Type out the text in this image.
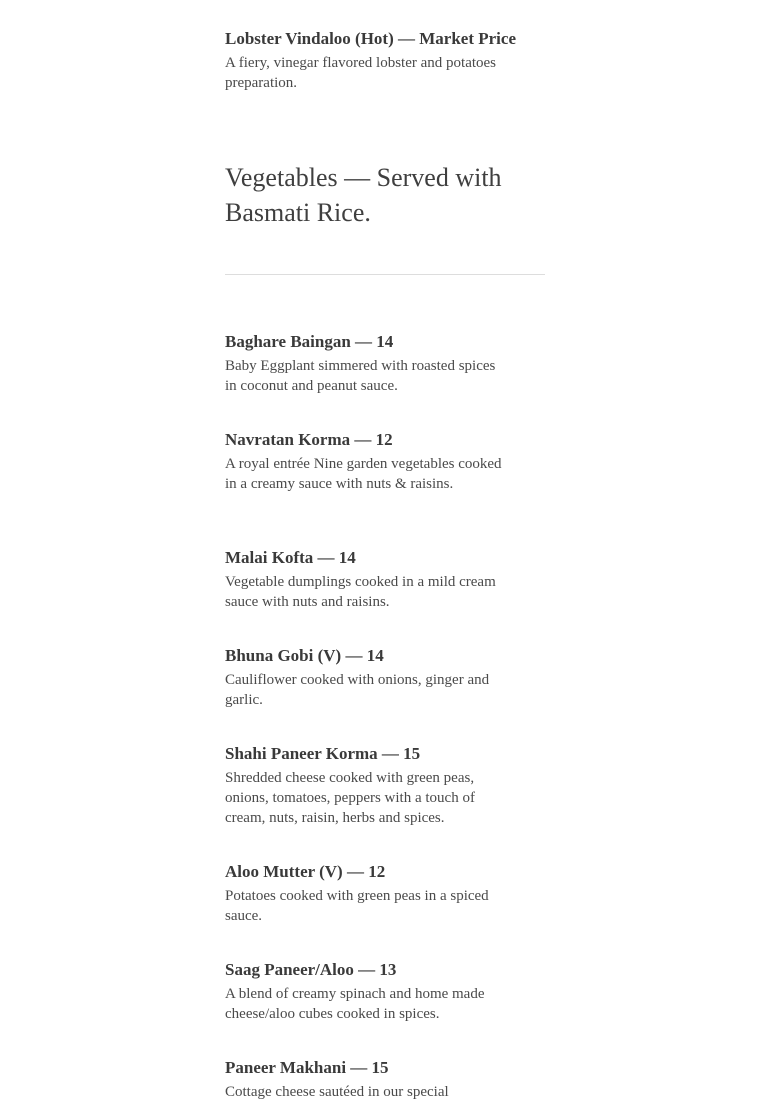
Lobster Vindaloo (Hot) — Market Price

A fiery, vinegar flavored lobster and potatoes preparation.

Vegetables — Served with Basmati Rice.

Baghare Baingan — 14

Baby Eggplant simmered with roasted spices in coconut and peanut sauce.

Navratan Korma — 12

A royal entrée Nine garden vegetables cooked in a creamy sauce with nuts & raisins.

Malai Kofta — 14

Vegetable dumplings cooked in a mild cream sauce with nuts and raisins.

Bhuna Gobi (V) — 14

Cauliflower cooked with onions, ginger and garlic.

Shahi Paneer Korma — 15

Shredded cheese cooked with green peas, onions, tomatoes, peppers with a touch of cream, nuts, raisin, herbs and spices.

Aloo Mutter (V) — 12

Potatoes cooked with green peas in a spiced sauce.

Saag Paneer/Aloo — 13

A blend of creamy spinach and home made cheese/aloo cubes cooked in spices.

Paneer Makhani — 15

Cottage cheese sautéed in our special
